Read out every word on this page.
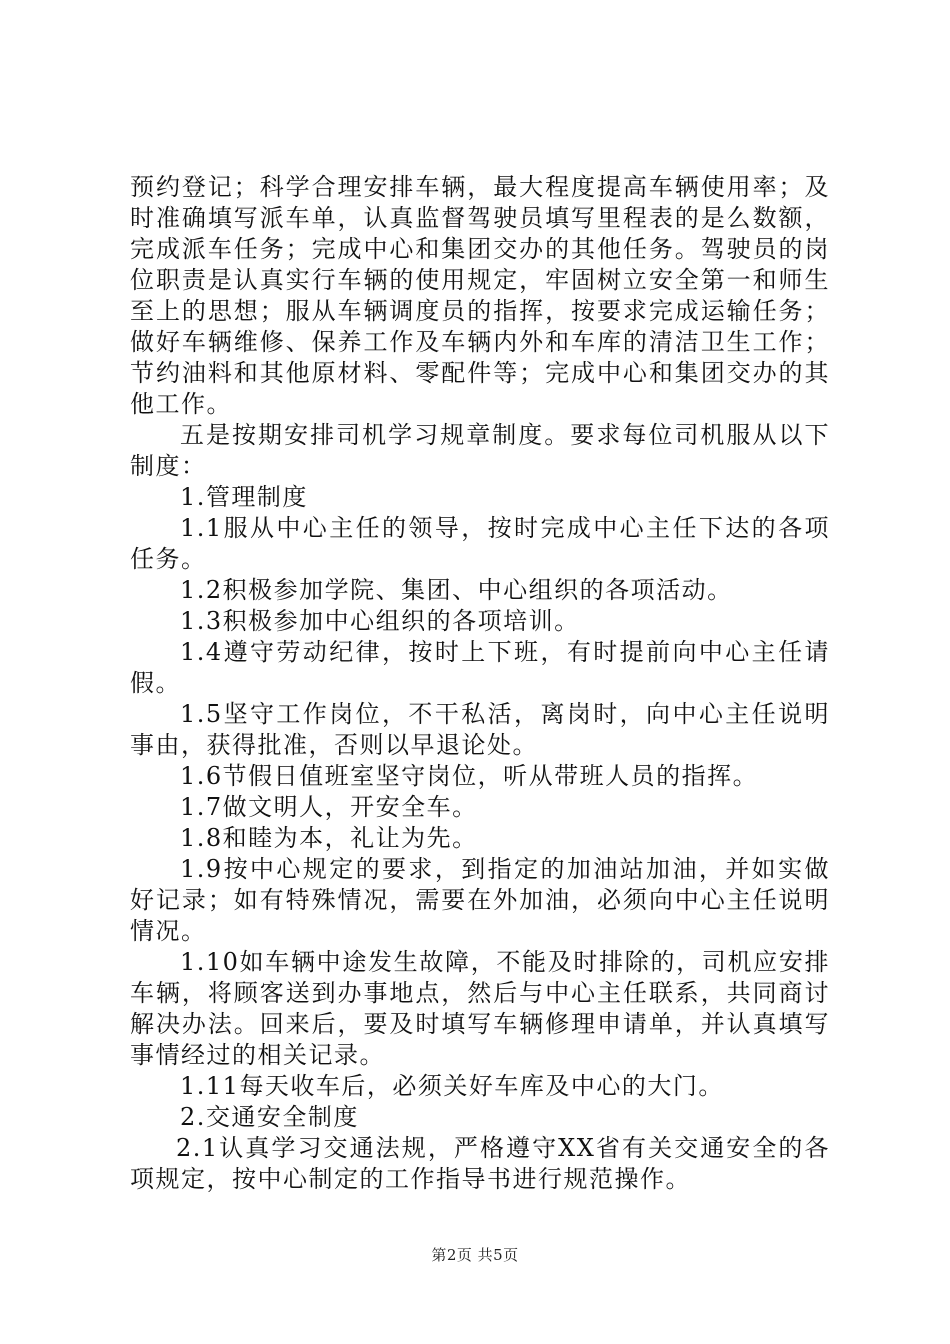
预约登记；科学合理安排车辆，最大程度提高车辆使用率；及时准确填写派车单，认真监督驾驶员填写里程表的是么数额，完成派车任务；完成中心和集团交办的其他任务。驾驶员的岗位职责是认真实行车辆的使用规定，牢固树立安全第一和师生至上的思想；服从车辆调度员的指挥，按要求完成运输任务；做好车辆维修、保养工作及车辆内外和车库的清洁卫生工作；节约油料和其他原材料、零配件等；完成中心和集团交办的其他工作。

五是按期安排司机学习规章制度。要求每位司机服从以下制度：

1.管理制度

1.1服从中心主任的领导，按时完成中心主任下达的各项任务。

1.2积极参加学院、集团、中心组织的各项活动。

1.3积极参加中心组织的各项培训。

1.4遵守劳动纪律，按时上下班，有时提前向中心主任请假。

1.5坚守工作岗位，不干私活，离岗时，向中心主任说明事由，获得批准，否则以早退论处。

1.6节假日值班室坚守岗位，听从带班人员的指挥。

1.7做文明人，开安全车。

1.8和睦为本，礼让为先。

1.9按中心规定的要求，到指定的加油站加油，并如实做好记录；如有特殊情况，需要在外加油，必须向中心主任说明情况。

1.10如车辆中途发生故障，不能及时排除的，司机应安排车辆，将顾客送到办事地点，然后与中心主任联系，共同商讨解决办法。回来后，要及时填写车辆修理申请单，并认真填写事情经过的相关记录。

1.11每天收车后，必须关好车库及中心的大门。

2.交通安全制度

2.1认真学习交通法规，严格遵守XX省有关交通安全的各项规定，按中心制定的工作指导书进行规范操作。

第2页 共5页
